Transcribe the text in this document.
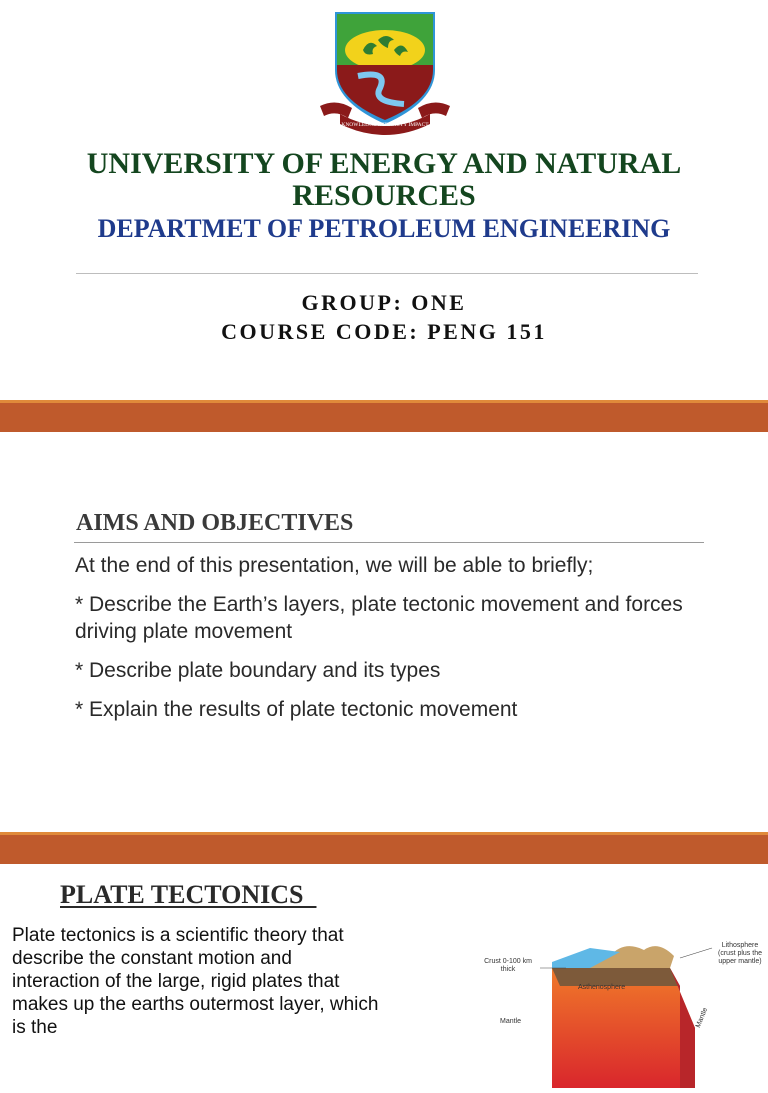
KNOWLEDGE INTEGRITY IMPACT
UNIVERSITY OF ENERGY AND NATURAL RESOURCES
DEPARTMET OF PETROLEUM ENGINEERING

GROUP: ONE

COURSE CODE: PENG 151

AIMS AND OBJECTIVES
At the end of this presentation, we will be able to briefly;
* Describe the Earth’s layers, plate tectonic movement and forces driving plate movement
* Describe plate boundary and its types
* Explain the results of plate tectonic movement
PLATE TECTONICS

Plate tectonics is a scientific theory that describe the constant motion and interaction of the large, rigid plates that makes up the earths outermost layer, which is the

Crust 0-100 km thick
Lithosphere (crust plus the upper mantle)
Asthenosphere
Mantle
Mantle
